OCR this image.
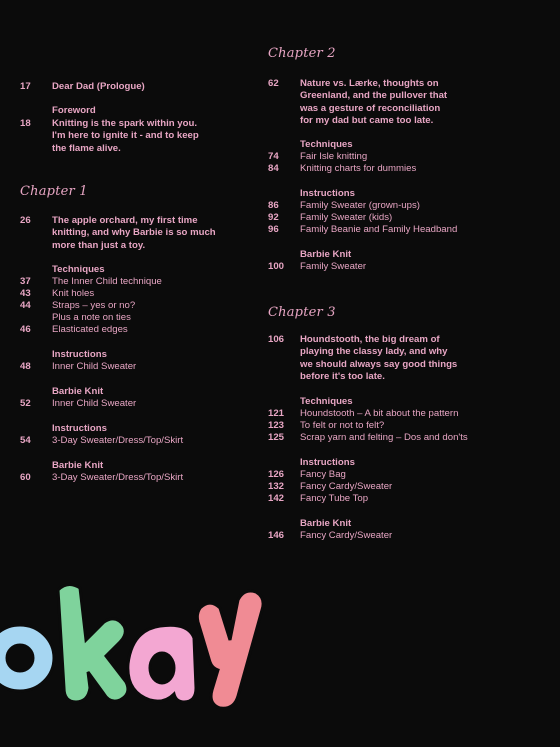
17	Dear Dad (Prologue)
Foreword
18	Knitting is the spark within you.
I'm here to ignite it - and to keep
the flame alive.
Chapter 1
26	The apple orchard, my first time
knitting, and why Barbie is so much
more than just a toy.
Techniques
37	The Inner Child technique
43	Knit holes
44	Straps – yes or no?
Plus a note on ties
46	Elasticated edges
Instructions
48	Inner Child Sweater
Barbie Knit
52	Inner Child Sweater
Instructions
54	3-Day Sweater/Dress/Top/Skirt
Barbie Knit
60	3-Day Sweater/Dress/Top/Skirt
Chapter 2
62	Nature vs. Lærke, thoughts on
Greenland, and the pullover that
was a gesture of reconciliation
for my dad but came too late.
Techniques
74	Fair Isle knitting
84	Knitting charts for dummies
Instructions
86	Family Sweater (grown-ups)
92	Family Sweater (kids)
96	Family Beanie and Family Headband
Barbie Knit
100	Family Sweater
Chapter 3
106	Houndstooth, the big dream of
playing the classy lady, and why
we should always say good things
before it's too late.
Techniques
121	Houndstooth – A bit about the pattern
123	To felt or not to felt?
125	Scrap yarn and felting – Dos and don'ts
Instructions
126	Fancy Bag
132	Fancy Cardy/Sweater
142	Fancy Tube Top
Barbie Knit
146	Fancy Cardy/Sweater
